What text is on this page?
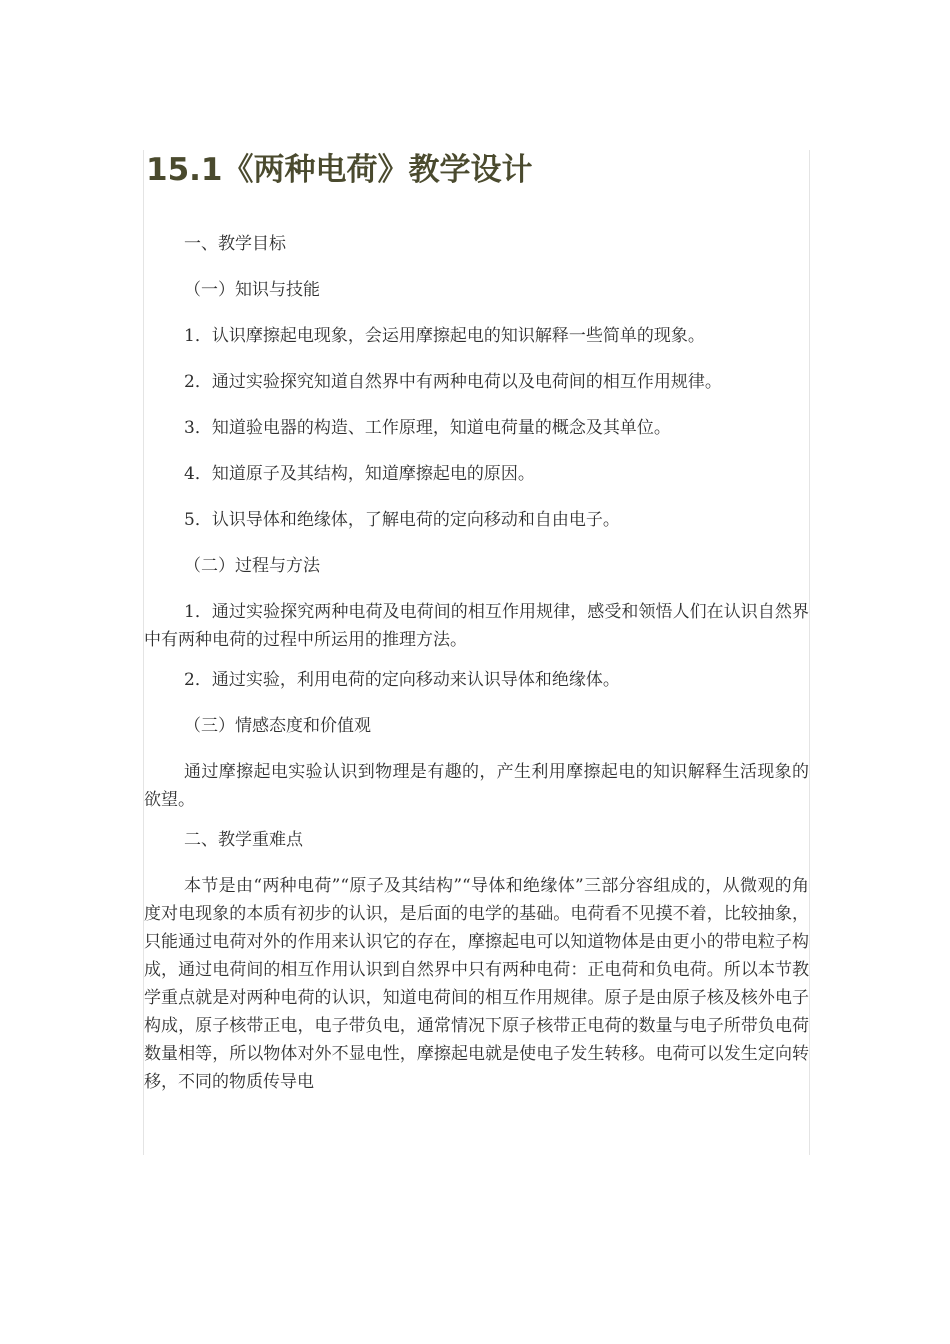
15.1《两种电荷》教学设计

一、教学目标

（一）知识与技能

1．认识摩擦起电现象，会运用摩擦起电的知识解释一些简单的现象。

2．通过实验探究知道自然界中有两种电荷以及电荷间的相互作用规律。

3．知道验电器的构造、工作原理，知道电荷量的概念及其单位。

4．知道原子及其结构，知道摩擦起电的原因。

5．认识导体和绝缘体，了解电荷的定向移动和自由电子。

（二）过程与方法

1．通过实验探究两种电荷及电荷间的相互作用规律，感受和领悟人们在认识自然界中有两种电荷的过程中所运用的推理方法。

2．通过实验，利用电荷的定向移动来认识导体和绝缘体。

（三）情感态度和价值观

通过摩擦起电实验认识到物理是有趣的，产生利用摩擦起电的知识解释生活现象的欲望。

二、教学重难点

本节是由“两种电荷”“原子及其结构”“导体和绝缘体”三部分容组成的，从微观的角度对电现象的本质有初步的认识，是后面的电学的基础。电荷看不见摸不着，比较抽象，只能通过电荷对外的作用来认识它的存在，摩擦起电可以知道物体是由更小的带电粒子构成，通过电荷间的相互作用认识到自然界中只有两种电荷：正电荷和负电荷。所以本节教学重点就是对两种电荷的认识，知道电荷间的相互作用规律。原子是由原子核及核外电子构成，原子核带正电，电子带负电，通常情况下原子核带正电荷的数量与电子所带负电荷数量相等，所以物体对外不显电性，摩擦起电就是使电子发生转移。电荷可以发生定向转移，不同的物质传导电
